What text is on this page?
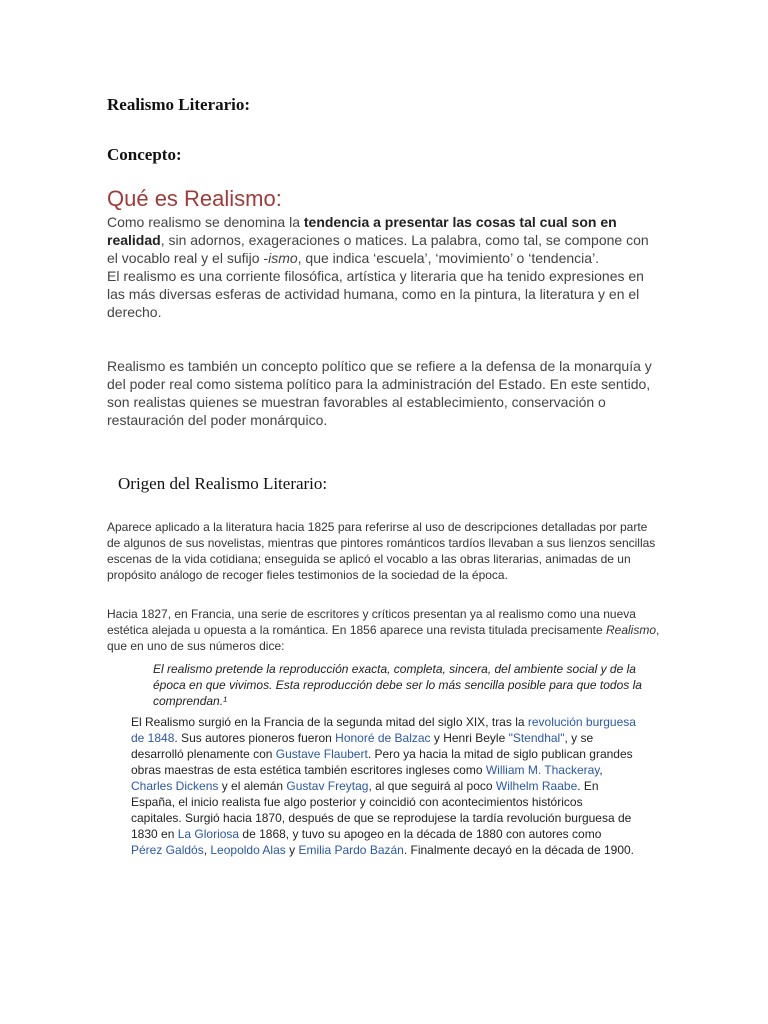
Realismo Literario:
Concepto:
Qué es Realismo:
Como realismo se denomina la tendencia a presentar las cosas tal cual son en realidad, sin adornos, exageraciones o matices. La palabra, como tal, se compone con el vocablo real y el sufijo -ismo, que indica ‘escuela’, ‘movimiento’ o ‘tendencia’.
El realismo es una corriente filosófica, artística y literaria que ha tenido expresiones en las más diversas esferas de actividad humana, como en la pintura, la literatura y en el derecho.
Realismo es también un concepto político que se refiere a la defensa de la monarquía y del poder real como sistema político para la administración del Estado. En este sentido, son realistas quienes se muestran favorables al establecimiento, conservación o restauración del poder monárquico.
Origen del Realismo Literario:
Aparece aplicado a la literatura hacia 1825 para referirse al uso de descripciones detalladas por parte de algunos de sus novelistas, mientras que pintores románticos tardíos llevaban a sus lienzos sencillas escenas de la vida cotidiana; enseguida se aplicó el vocablo a las obras literarias, animadas de un propósito análogo de recoger fieles testimonios de la sociedad de la época.
Hacia 1827, en Francia, una serie de escritores y críticos presentan ya al realismo como una nueva estética alejada u opuesta a la romántica. En 1856 aparece una revista titulada precisamente Realismo, que en uno de sus números dice:
El realismo pretende la reproducción exacta, completa, sincera, del ambiente social y de la época en que vivimos. Esta reproducción debe ser lo más sencilla posible para que todos la comprendan.¹
El Realismo surgió en la Francia de la segunda mitad del siglo XIX, tras la revolución burguesa de 1848. Sus autores pioneros fueron Honoré de Balzac y Henri Beyle "Stendhal", y se desarrolló plenamente con Gustave Flaubert. Pero ya hacia la mitad de siglo publican grandes obras maestras de esta estética también escritores ingleses como William M. Thackeray, Charles Dickens y el alemán Gustav Freytag, al que seguirá al poco Wilhelm Raabe. En España, el inicio realista fue algo posterior y coincidió con acontecimientos históricos capitales. Surgió hacia 1870, después de que se reprodujese la tardía revolución burguesa de 1830 en La Gloriosa de 1868, y tuvo su apogeo en la década de 1880 con autores como Pérez Galdós, Leopoldo Alas y Emilia Pardo Bazán. Finalmente decayó en la década de 1900.
